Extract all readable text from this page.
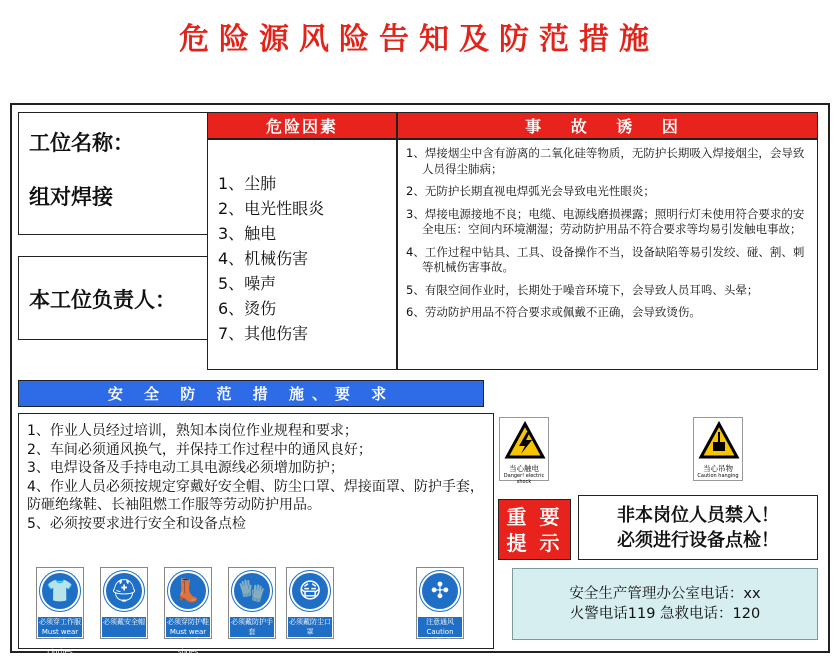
危险源风险告知及防范措施
工位名称：
组对焊接
本工位负责人：
危险因素	事 故 诱 因
1、尘肺
2、电光性眼炎
3、触电
4、机械伤害
5、噪声
6、烫伤
7、其他伤害
1、焊接烟尘中含有游离的二氧化硅等物质，无防护长期吸入焊接烟尘，会导致人员得尘肺病；
2、无防护长期直视电焊弧光会导致电光性眼炎；
3、焊接电源接地不良；电缆、电源线磨损裸露；照明行灯未使用符合要求的安全电压：空间内环境潮湿；劳动防护用品不符合要求等均易引发触电事故；
4、工作过程中钻具、工具、设备操作不当，设备缺陷等易引发绞、碰、割、刺等机械伤害事故。
5、有限空间作业时，长期处于噪音环境下，会导致人员耳鸣、头晕；
6、劳动防护用品不符合要求或佩戴不正确，会导致烫伤。
安 全 防 范 措 施、要 求
1、作业人员经过培训，熟知本岗位作业规程和要求；
2、车间必须通风换气，并保持工作过程中的通风良好；
3、电焊设备及手持电动工具电源线必须增加防护；
4、作业人员必须按规定穿戴好安全帽、防尘口罩、焊接面罩、防护手套，防砸绝缘鞋、长袖阻燃工作服等劳动防护用品。
5、必须按要求进行安全和设备点检
👕
必须穿工作服
Must wear working clothes
⛑
必须戴安全帽
👢
必须穿防护鞋
Must wear protective shoes
🧤
必须戴防护手套
😷
必须戴防尘口罩
✣
注意通风
Caution ventilation
当心触电
Danger! electric shock
当心吊物
Caution hanging
重 要
提 示
非本岗位人员禁入！
必须进行设备点检！
安全生产管理办公室电话：xx
火警电话119 急救电话：120
